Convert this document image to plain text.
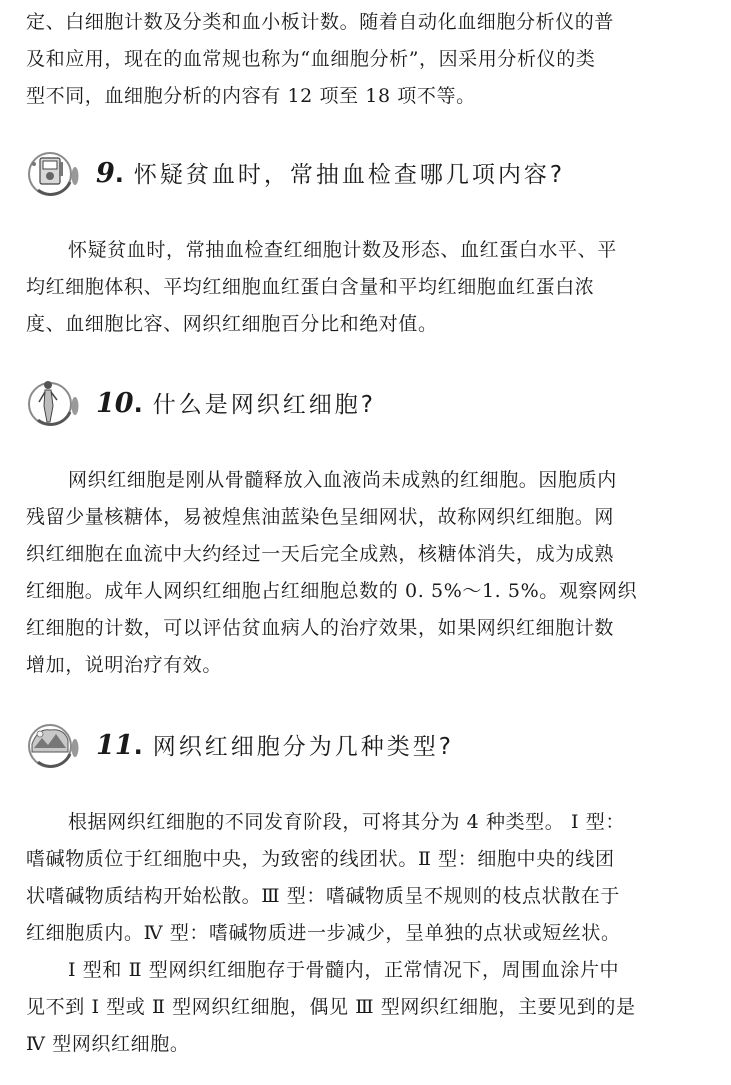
定、白细胞计数及分类和血小板计数。随着自动化血细胞分析仪的普
及和应用，现在的血常规也称为“血细胞分析”，因采用分析仪的类
型不同，血细胞分析的内容有 12 项至 18 项不等。
9. 怀疑贫血时，常抽血检查哪几项内容?
怀疑贫血时，常抽血检查红细胞计数及形态、血红蛋白水平、平
均红细胞体积、平均红细胞血红蛋白含量和平均红细胞血红蛋白浓
度、血细胞比容、网织红细胞百分比和绝对值。
10. 什么是网织红细胞?
网织红细胞是刚从骨髓释放入血液尚未成熟的红细胞。因胞质内
残留少量核糖体，易被煌焦油蓝染色呈细网状，故称网织红细胞。网
织红细胞在血流中大约经过一天后完全成熟，核糖体消失，成为成熟
红细胞。成年人网织红细胞占红细胞总数的 0. 5%～1. 5%。观察网织
红细胞的计数，可以评估贫血病人的治疗效果，如果网织红细胞计数
增加，说明治疗有效。
11. 网织红细胞分为几种类型?
根据网织红细胞的不同发育阶段，可将其分为 4 种类型。 Ⅰ 型：
嗜碱物质位于红细胞中央，为致密的线团状。Ⅱ 型：细胞中央的线团
状嗜碱物质结构开始松散。Ⅲ 型：嗜碱物质呈不规则的枝点状散在于
红细胞质内。Ⅳ 型：嗜碱物质进一步减少，呈单独的点状或短丝状。
Ⅰ 型和 Ⅱ 型网织红细胞存于骨髓内，正常情况下，周围血涂片中
见不到 Ⅰ 型或 Ⅱ 型网织红细胞，偶见 Ⅲ 型网织红细胞，主要见到的是
Ⅳ 型网织红细胞。
